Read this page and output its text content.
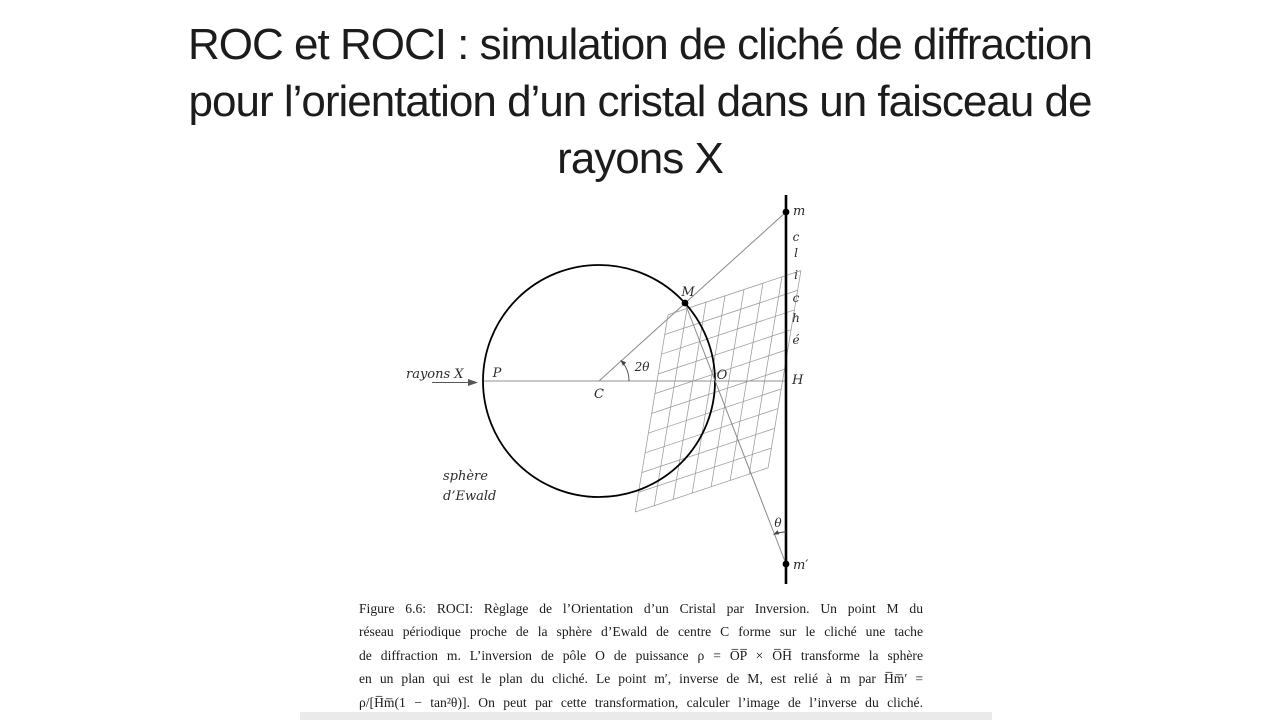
ROC et ROCI : simulation de cliché de diffraction
pour l’orientation d’un cristal dans un faisceau de
rayons X
rayons X P
C
M
O	H
m
m′
2θ
θ
sphère
d’Ewald
c
l
i
c
h
é
Figure 6.6: ROCI: Règlage de l’Orientation d’un Cristal par Inversion. Un point M du
réseau périodique proche de la sphère d’Ewald de centre C forme sur le cliché une tache
de diffraction m. L’inversion de pôle O de puissance ρ = O̅P̅ × O̅H̅ transforme la sphère
en un plan qui est le plan du cliché. Le point m′, inverse de M, est relié à m par H̅m̅′ =
ρ/[H̅m̅(1 − tan²θ)]. On peut par cette transformation, calculer l’image de l’inverse du cliché.
